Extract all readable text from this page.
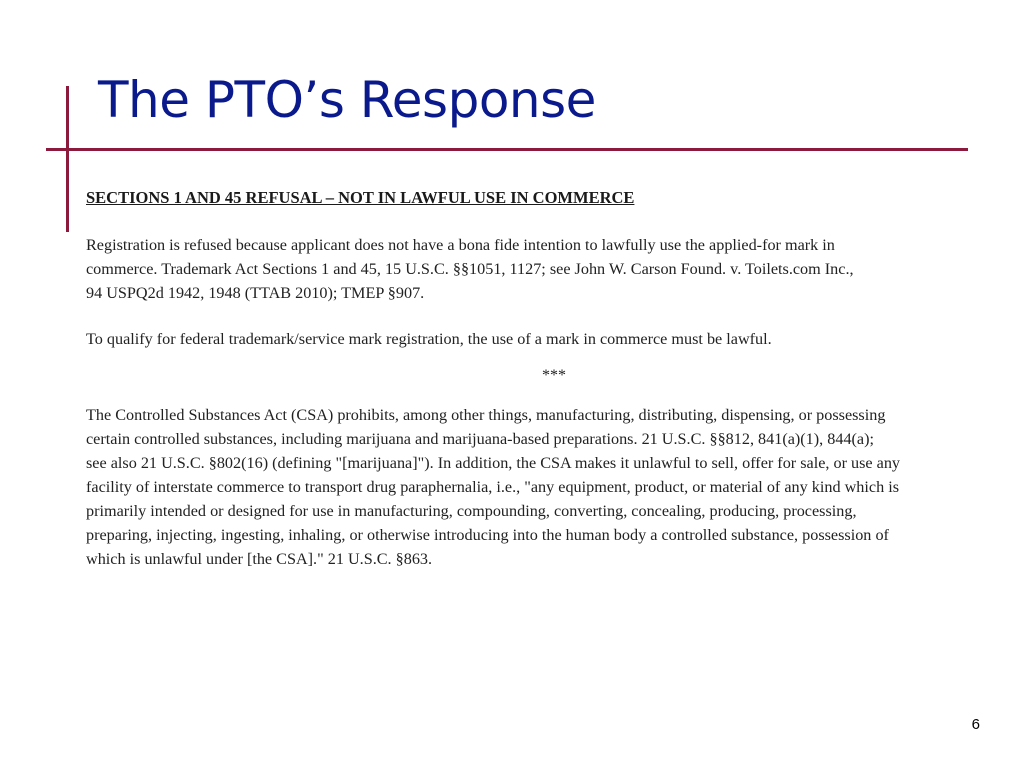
The PTO’s Response

SECTIONS 1 AND 45 REFUSAL – NOT IN LAWFUL USE IN COMMERCE

Registration is refused because applicant does not have a bona fide intention to lawfully use the applied-for mark in
commerce. Trademark Act Sections 1 and 45, 15 U.S.C. §§1051, 1127; see John W. Carson Found. v. Toilets.com Inc.,
94 USPQ2d 1942, 1948 (TTAB 2010); TMEP §907.

To qualify for federal trademark/service mark registration, the use of a mark in commerce must be lawful.

***

The Controlled Substances Act (CSA) prohibits, among other things, manufacturing, distributing, dispensing, or possessing
certain controlled substances, including marijuana and marijuana-based preparations. 21 U.S.C. §§812, 841(a)(1), 844(a);
see also 21 U.S.C. §802(16) (defining "[marijuana]"). In addition, the CSA makes it unlawful to sell, offer for sale, or use any
facility of interstate commerce to transport drug paraphernalia, i.e., "any equipment, product, or material of any kind which is
primarily intended or designed for use in manufacturing, compounding, converting, concealing, producing, processing,
preparing, injecting, ingesting, inhaling, or otherwise introducing into the human body a controlled substance, possession of
which is unlawful under [the CSA]." 21 U.S.C. §863.

6
